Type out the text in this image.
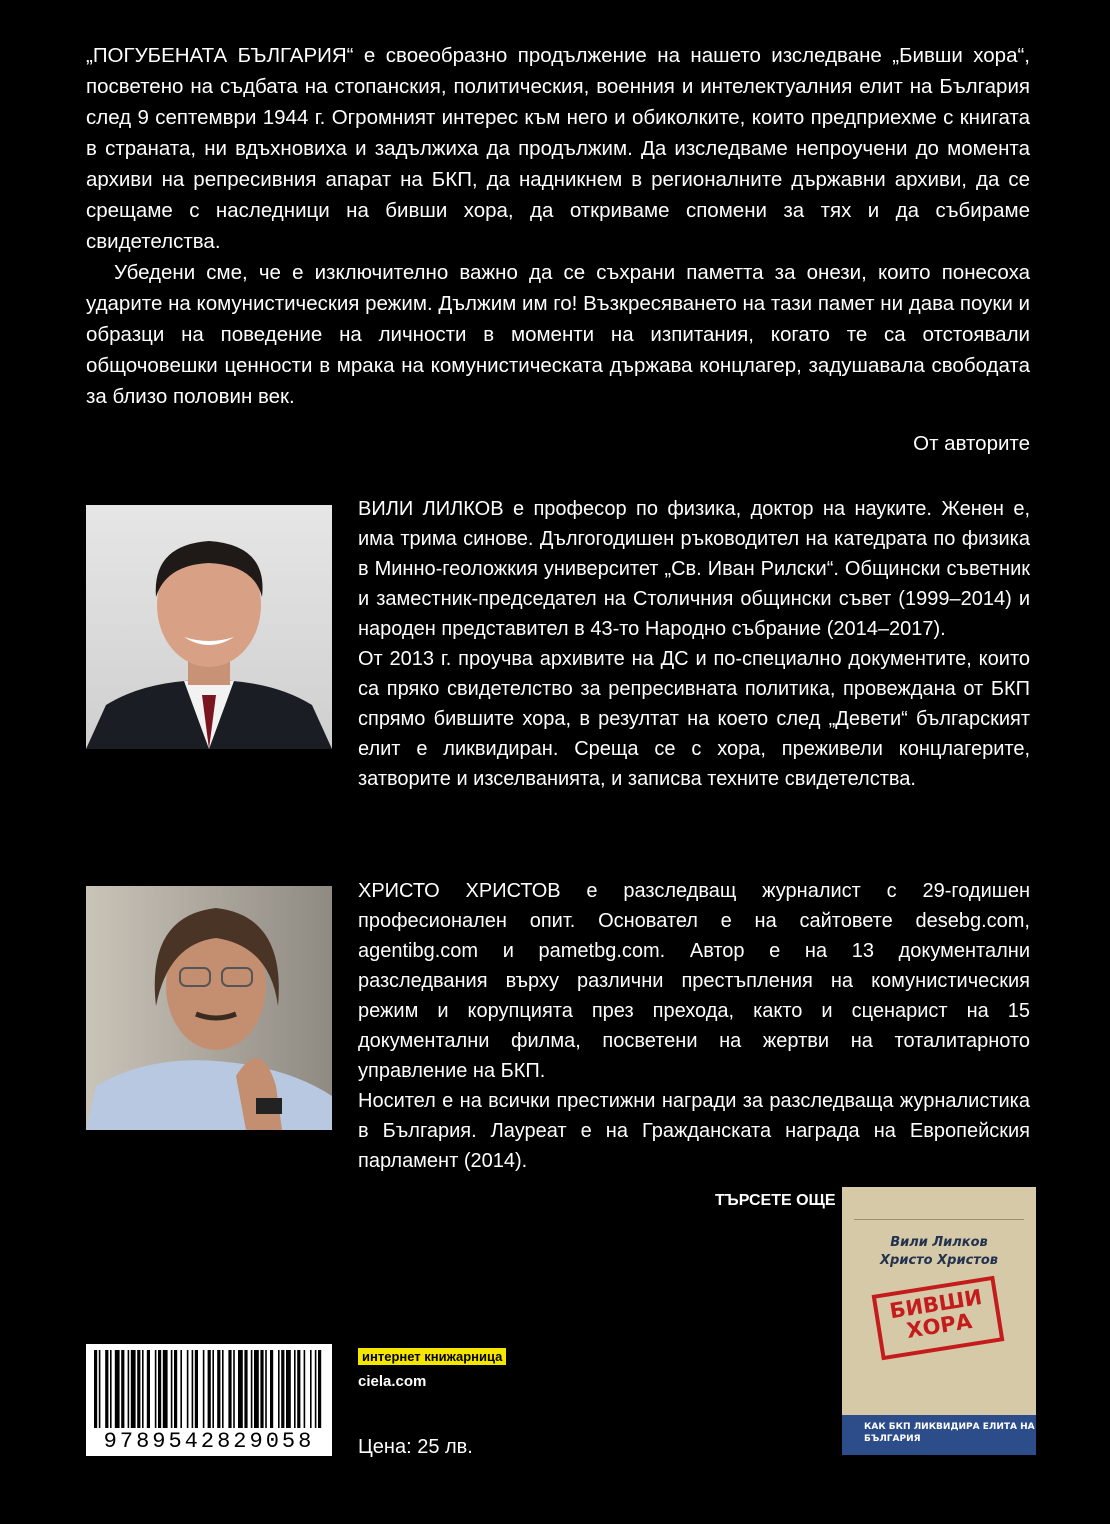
„ПОГУБЕНАТА БЪЛГАРИЯ“ е своеобразно продължение на нашето изследване „Бивши хора“, посветено на съдбата на стопанския, политическия, военния и интелектуалния елит на България след 9 септември 1944 г. Огромният интерес към него и обиколките, които предприехме с книгата в страната, ни вдъхновиха и задължиха да продължим. Да изследваме непроучени до момента архиви на репресивния апарат на БКП, да надникнем в регионалните държавни архиви, да се срещаме с наследници на бивши хора, да откриваме спомени за тях и да събираме свидетелства.

Убедени сме, че е изключително важно да се съхрани паметта за онези, които понесоха ударите на комунистическия режим. Дължим им го! Възкресяването на тази памет ни дава поуки и образци на поведение на личности в моменти на изпитания, когато те са отстоявали общочовешки ценности в мрака на комунистическата държава концлагер, задушавала свободата за близо половин век.

От авторите

ВИЛИ ЛИЛКОВ е професор по физика, доктор на науките. Женен е, има трима синове. Дългогодишен ръководител на катедрата по физика в Минно-геоложкия университет „Св. Иван Рилски“. Общински съветник и заместник-председател на Столичния общински съвет (1999–2014) и народен представител в 43-то Народно събрание (2014–2017).

От 2013 г. проучва архивите на ДС и по-специално документите, които са пряко свидетелство за репресивната политика, провеждана от БКП спрямо бившите хора, в резултат на което след „Девети“ българският елит е ликвидиран. Среща се с хора, преживели концлагерите, затворите и изселванията, и записва техните свидетелства.

ХРИСТО ХРИСТОВ е разследващ журналист с 29-годишен професионален опит. Основател е на сайтовете desebg.com, agentibg.com и pametbg.com. Автор е на 13 документални разследвания върху различни престъпления на комунистическия режим и корупцията през прехода, както и сценарист на 15 документални филма, посветени на жертви на тоталитарното управление на БКП.

Носител е на всички престижни награди за разследваща журналистика в България. Лауреат е на Гражданската награда на Европейския парламент (2014).

ТЪРСЕТЕ ОЩЕ
Вили Лилков
Христо Христов
БИВШИ ХОРА
КАК БКП ЛИКВИДИРА ЕЛИТА НА БЪЛГАРИЯ
9789542829058
интернет книжарница
ciela.com
Цена: 25 лв.
